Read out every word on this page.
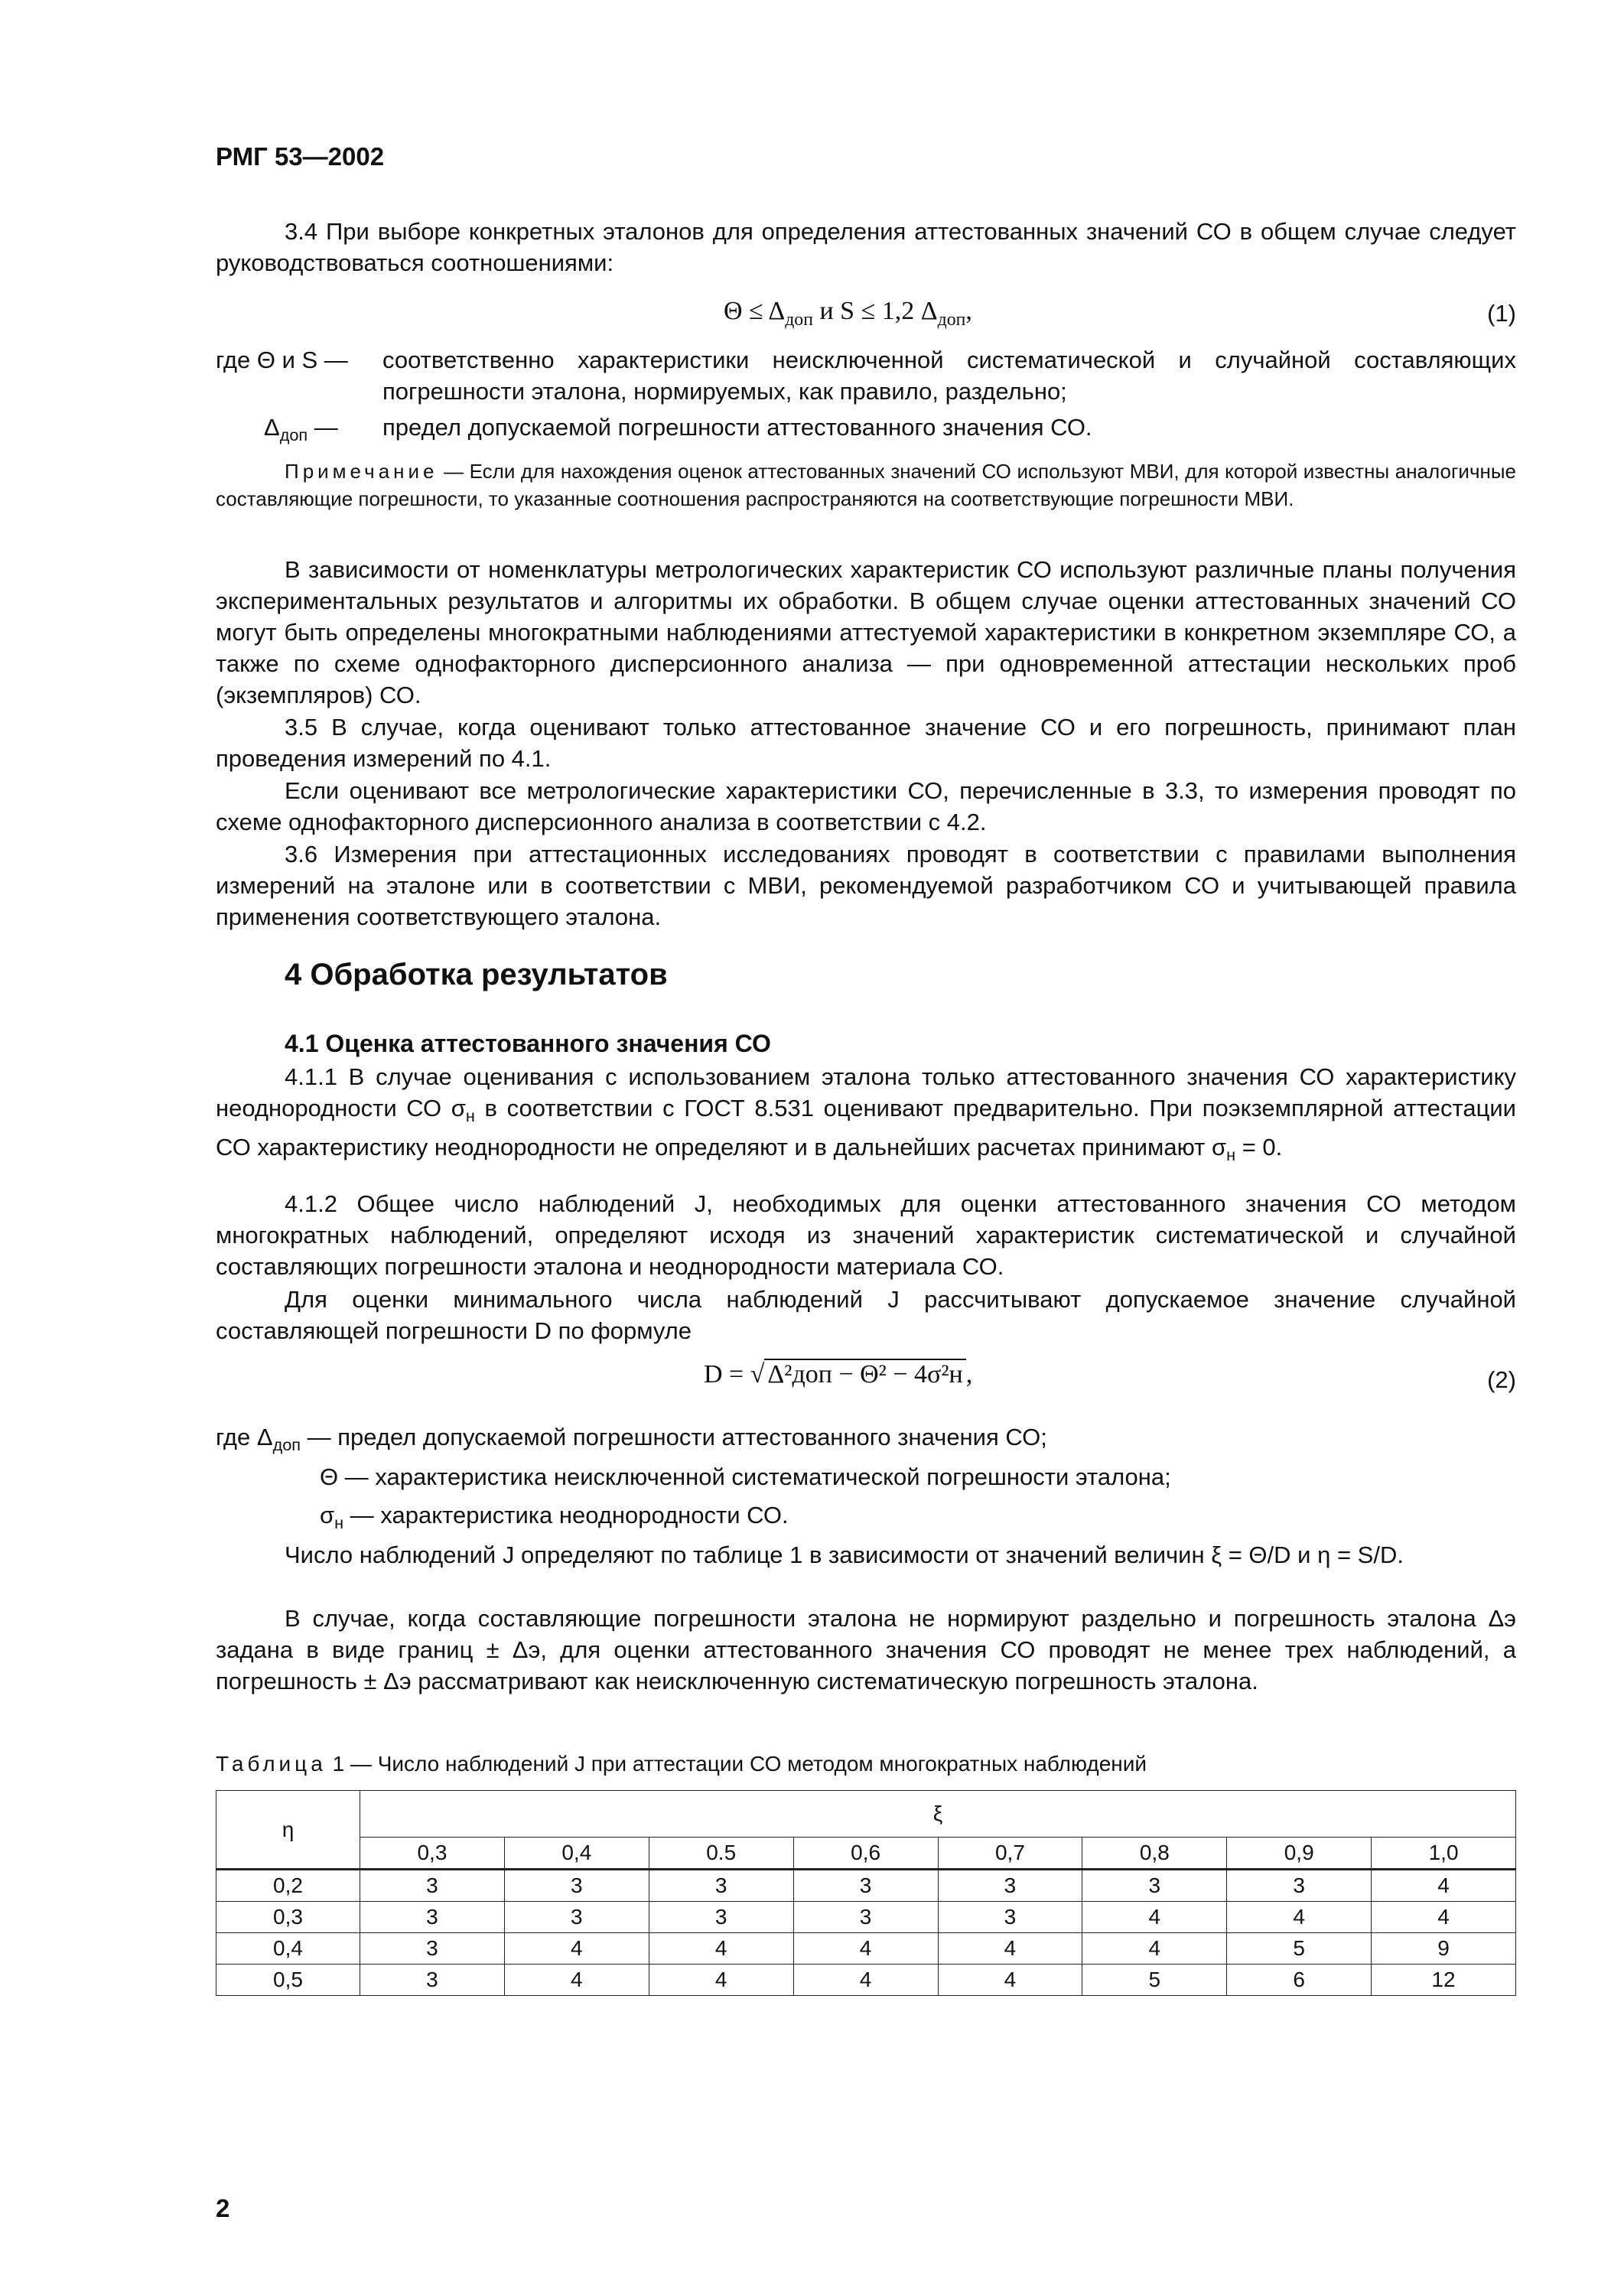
РМГ 53—2002
3.4 При выборе конкретных эталонов для определения аттестованных значений СО в общем случае следует руководствоваться соотношениями:
$\Theta \le \Delta_{доп}$ и S ≤ 1,2 $\Delta_{доп}$,	(1)
где Θ и S — соответственно характеристики неисключенной систематической и случайной составляющих погрешности эталона, нормируемых, как правило, раздельно;
$\Delta_{доп}$ — предел допускаемой погрешности аттестованного значения СО.
Примечание — Если для нахождения оценок аттестованных значений СО используют МВИ, для которой известны аналогичные составляющие погрешности, то указанные соотношения распространяются на соответствующие погрешности МВИ.
В зависимости от номенклатуры метрологических характеристик СО используют различные планы получения экспериментальных результатов и алгоритмы их обработки. В общем случае оценки аттестованных значений СО могут быть определены многократными наблюдениями аттестуемой характеристики в конкретном экземпляре СО, а также по схеме однофакторного дисперсионного анализа — при одновременной аттестации нескольких проб (экземпляров) СО.
3.5 В случае, когда оценивают только аттестованное значение СО и его погрешность, принимают план проведения измерений по 4.1.
Если оценивают все метрологические характеристики СО, перечисленные в 3.3, то измерения проводят по схеме однофакторного дисперсионного анализа в соответствии с 4.2.
3.6 Измерения при аттестационных исследованиях проводят в соответствии с правилами выполнения измерений на эталоне или в соответствии с МВИ, рекомендуемой разработчиком СО и учитывающей правила применения соответствующего эталона.
4 Обработка результатов
4.1 Оценка аттестованного значения СО
4.1.1 В случае оценивания с использованием эталона только аттестованного значения СО характеристику неоднородности СО $\sigma_н$ в соответствии с ГОСТ 8.531 оценивают предварительно. При поэкземплярной аттестации СО характеристику неоднородности не определяют и в дальнейших расчетах принимают $\sigma_н = 0$.
4.1.2 Общее число наблюдений J, необходимых для оценки аттестованного значения СО методом многократных наблюдений, определяют исходя из значений характеристик систематической и случайной составляющих погрешности эталона и неоднородности материала СО.
Для оценки минимального числа наблюдений J рассчитывают допускаемое значение случайной составляющей погрешности D по формуле
D = √ Δ²доп − Θ² − 4σ²н ,	(2)
где $\Delta_{доп}$ — предел допускаемой погрешности аттестованного значения СО;
Θ — характеристика неисключенной систематической погрешности эталона;
$\sigma_н$ — характеристика неоднородности СО.
Число наблюдений J определяют по таблице 1 в зависимости от значений величин ξ = Θ/D и η = S/D.
В случае, когда составляющие погрешности эталона не нормируют раздельно и погрешность эталона Δэ задана в виде границ ± Δэ, для оценки аттестованного значения СО проводят не менее трех наблюдений, а погрешность ± Δэ рассматривают как неисключенную систематическую погрешность эталона.
Таблица 1 — Число наблюдений J при аттестации СО методом многократных наблюдений
η	ξ							
	0,3	0,4	0.5	0,6	0,7	0,8	0,9	1,0
0,2	3	3	3	3	3	3	3	4
0,3	3	3	3	3	3	4	4	4
0,4	3	4	4	4	4	4	5	9
0,5	3	4	4	4	4	5	6	12
2
